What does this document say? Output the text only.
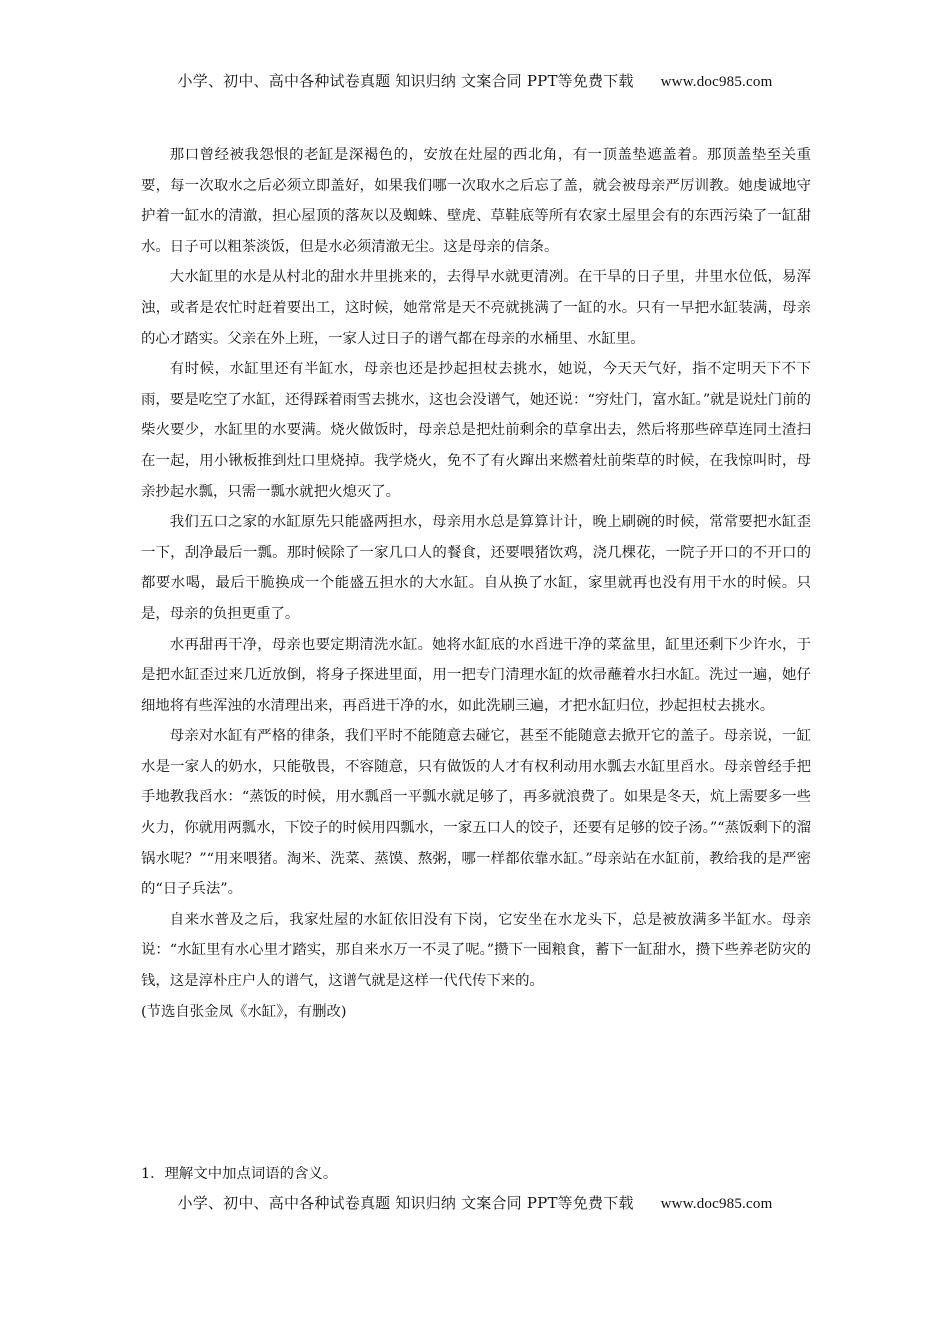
小学、初中、高中各种试卷真题 知识归纳 文案合同 PPT等免费下载 www.doc985.com

那口曾经被我怨恨的老缸是深褐色的，安放在灶屋的西北角，有一顶盖垫遮盖着。那顶盖垫至关重要，每一次取水之后必须立即盖好，如果我们哪一次取水之后忘了盖，就会被母亲严厉训教。她虔诚地守护着一缸水的清澈，担心屋顶的落灰以及蜘蛛、壁虎、草鞋底等所有农家土屋里会有的东西污染了一缸甜水。日子可以粗茶淡饭，但是水必须清澈无尘。这是母亲的信条。

大水缸里的水是从村北的甜水井里挑来的，去得早水就更清冽。在干旱的日子里，井里水位低，易浑浊，或者是农忙时赶着要出工，这时候，她常常是天不亮就挑满了一缸的水。只有一早把水缸装满，母亲的心才踏实。父亲在外上班，一家人过日子的谱气都在母亲的水桶里、水缸里。

有时候，水缸里还有半缸水，母亲也还是抄起担杖去挑水，她说，今天天气好，指不定明天下不下雨，要是吃空了水缸，还得踩着雨雪去挑水，这也会没谱气，她还说：“穷灶门，富水缸。”就是说灶门前的柴火要少，水缸里的水要满。烧火做饭时，母亲总是把灶前剩余的草拿出去，然后将那些碎草连同土渣扫在一起，用小锹板推到灶口里烧掉。我学烧火，免不了有火蹿出来燃着灶前柴草的时候，在我惊叫时，母亲抄起水瓢，只需一瓢水就把火熄灭了。

我们五口之家的水缸原先只能盛两担水，母亲用水总是算算计计，晚上刷碗的时候，常常要把水缸歪一下，刮净最后一瓢。那时候除了一家几口人的餐食，还要喂猪饮鸡，浇几棵花，一院子开口的不开口的都要水喝，最后干脆换成一个能盛五担水的大水缸。自从换了水缸，家里就再也没有用干水的时候。只是，母亲的负担更重了。

水再甜再干净，母亲也要定期清洗水缸。她将水缸底的水舀进干净的菜盆里，缸里还剩下少许水，于是把水缸歪过来几近放倒，将身子探进里面，用一把专门清理水缸的炊帚蘸着水扫水缸。洗过一遍，她仔细地将有些浑浊的水清理出来，再舀进干净的水，如此洗刷三遍，才把水缸归位，抄起担杖去挑水。

母亲对水缸有严格的律条，我们平时不能随意去碰它，甚至不能随意去掀开它的盖子。母亲说，一缸水是一家人的奶水，只能敬畏，不容随意，只有做饭的人才有权利动用水瓢去水缸里舀水。母亲曾经手把手地教我舀水：“蒸饭的时候，用水瓢舀一平瓢水就足够了，再多就浪费了。如果是冬天，炕上需要多一些火力，你就用两瓢水，下饺子的时候用四瓢水，一家五口人的饺子，还要有足够的饺子汤。”“蒸饭剩下的溜锅水呢？”“用来喂猪。淘米、洗菜、蒸馍、熬粥，哪一样都依靠水缸。”母亲站在水缸前，教给我的是严密的“日子兵法”。

自来水普及之后，我家灶屋的水缸依旧没有下岗，它安坐在水龙头下，总是被放满多半缸水。母亲说：“水缸里有水心里才踏实，那自来水万一不灵了呢。”攒下一囤粮食，蓄下一缸甜水，攒下些养老防灾的钱，这是淳朴庄户人的谱气，这谱气就是这样一代代传下来的。

(节选自张金凤《水缸》，有删改)

1．理解文中加点词语的含义。
小学、初中、高中各种试卷真题 知识归纳 文案合同 PPT等免费下载 www.doc985.com
